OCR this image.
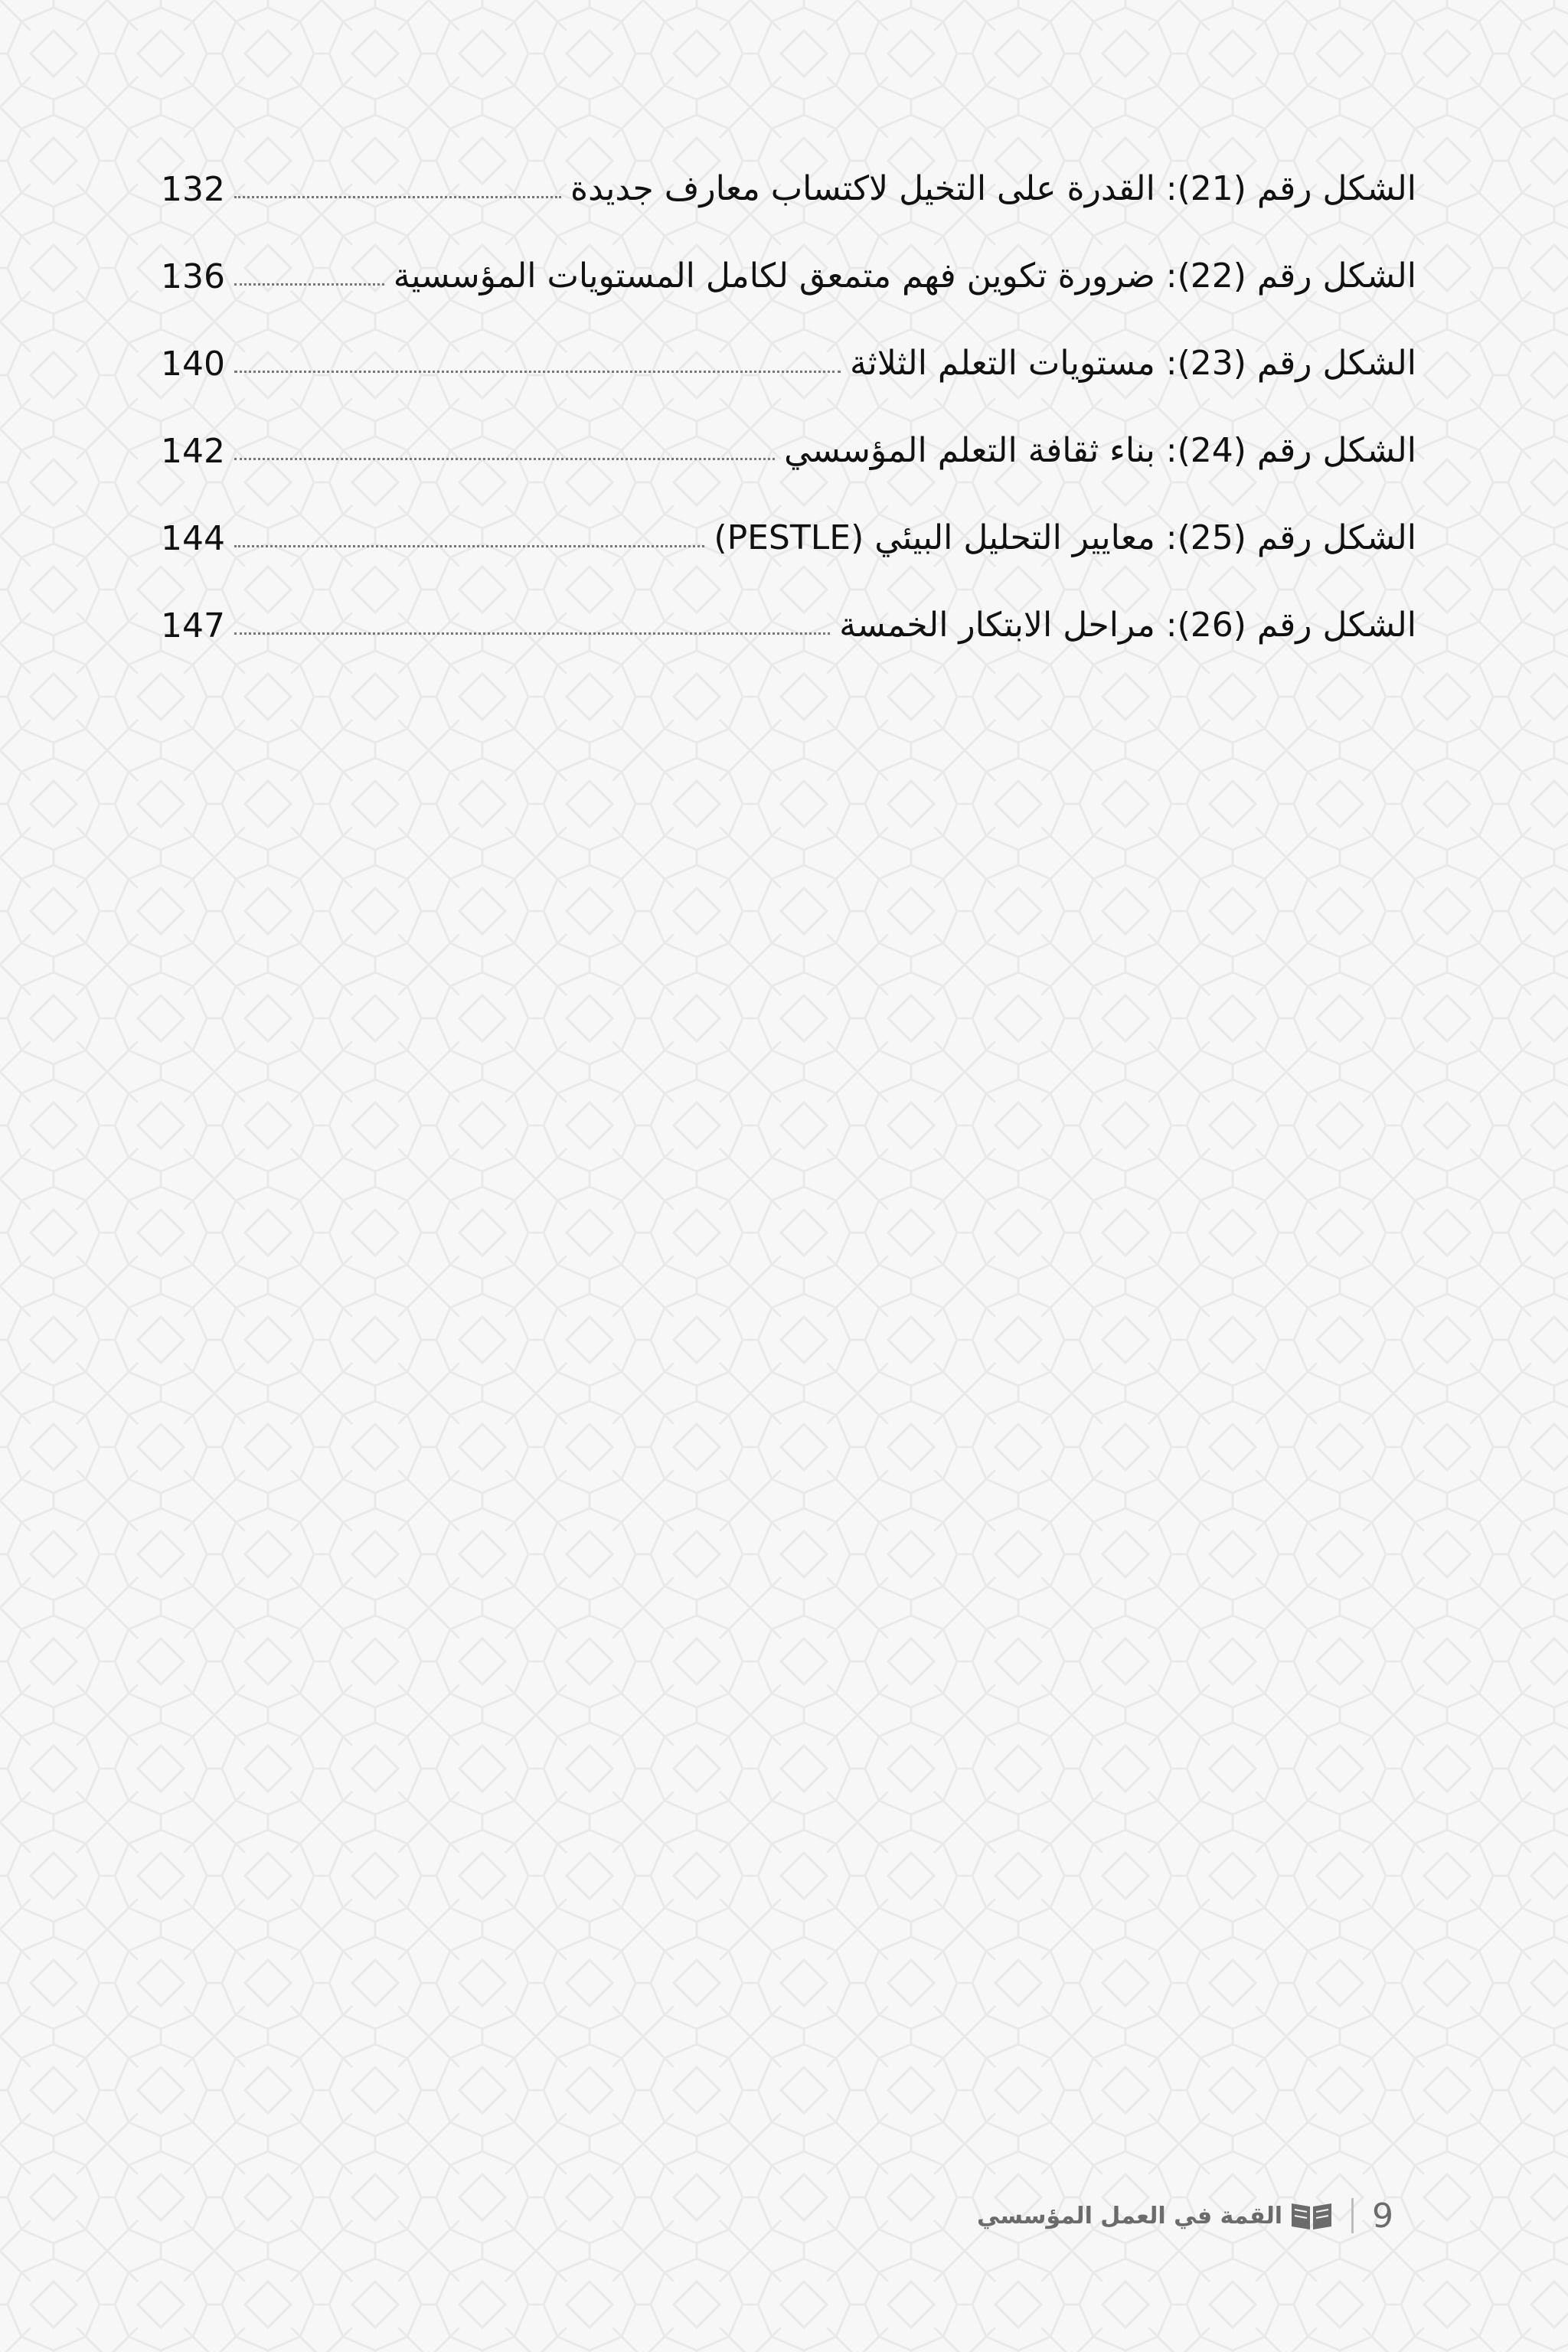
الشكل رقم (21): القدرة على التخيل لاكتساب معارف جديدة
132
الشكل رقم (22): ضرورة تكوين فهم متمعق لكامل المستويات المؤسسية
136
الشكل رقم (23): مستويات التعلم الثلاثة
140
الشكل رقم (24): بناء ثقافة التعلم المؤسسي
142
الشكل رقم (25): معايير التحليل البيئي (PESTLE)
144
الشكل رقم (26): مراحل الابتكار الخمسة
147
9
القمة في العمل المؤسسي
